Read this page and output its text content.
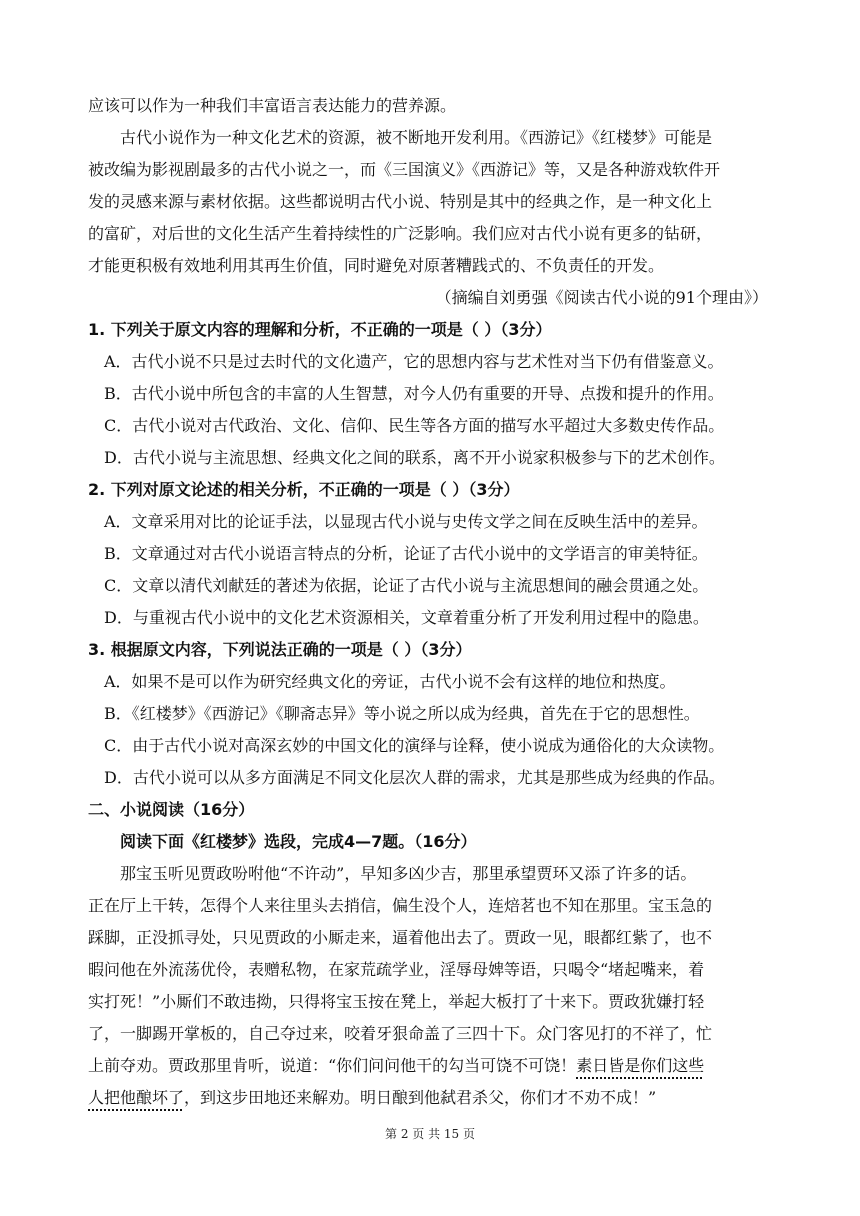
应该可以作为一种我们丰富语言表达能力的营养源。
古代小说作为一种文化艺术的资源，被不断地开发利用。《西游记》《红楼梦》可能是
被改编为影视剧最多的古代小说之一，而《三国演义》《西游记》等，又是各种游戏软件开
发的灵感来源与素材依据。这些都说明古代小说、特别是其中的经典之作，是一种文化上
的富矿，对后世的文化生活产生着持续性的广泛影响。我们应对古代小说有更多的钻研，
才能更积极有效地利用其再生价值，同时避免对原著糟践式的、不负责任的开发。
（摘编自刘勇强《阅读古代小说的91个理由》）
1. 下列关于原文内容的理解和分析，不正确的一项是（ ）（3分）
A．古代小说不只是过去时代的文化遗产，它的思想内容与艺术性对当下仍有借鉴意义。
B．古代小说中所包含的丰富的人生智慧，对今人仍有重要的开导、点拨和提升的作用。
C．古代小说对古代政治、文化、信仰、民生等各方面的描写水平超过大多数史传作品。
D．古代小说与主流思想、经典文化之间的联系，离不开小说家积极参与下的艺术创作。
2. 下列对原文论述的相关分析，不正确的一项是（ ）（3分）
A．文章采用对比的论证手法，以显现古代小说与史传文学之间在反映生活中的差异。
B．文章通过对古代小说语言特点的分析，论证了古代小说中的文学语言的审美特征。
C．文章以清代刘献廷的著述为依据，论证了古代小说与主流思想间的融会贯通之处。
D．与重视古代小说中的文化艺术资源相关，文章着重分析了开发利用过程中的隐患。
3. 根据原文内容，下列说法正确的一项是（ ）（3分）
A．如果不是可以作为研究经典文化的旁证，古代小说不会有这样的地位和热度。
B．《红楼梦》《西游记》《聊斋志异》等小说之所以成为经典，首先在于它的思想性。
C．由于古代小说对高深玄妙的中国文化的演绎与诠释，使小说成为通俗化的大众读物。
D．古代小说可以从多方面满足不同文化层次人群的需求，尤其是那些成为经典的作品。
二、小说阅读（16分）
阅读下面《红楼梦》选段，完成4—7题。（16分）
那宝玉听见贾政吩咐他“不许动”，早知多凶少吉，那里承望贾环又添了许多的话。
正在厅上干转，怎得个人来往里头去捎信，偏生没个人，连焙茗也不知在那里。宝玉急的
踩脚，正没抓寻处，只见贾政的小厮走来，逼着他出去了。贾政一见，眼都红紫了，也不
暇问他在外流荡优伶，表赠私物，在家荒疏学业，淫辱母婢等语，只喝令“堵起嘴来，着
实打死！”小厮们不敢违拗，只得将宝玉按在凳上，举起大板打了十来下。贾政犹嫌打轻
了，一脚踢开掌板的，自己夺过来，咬着牙狠命盖了三四十下。众门客见打的不祥了，忙
上前夺劝。贾政那里肯听，说道：“你们问问他干的勾当可饶不可饶！素日皆是你们这些
人把他酿坏了，到这步田地还来解劝。明日酿到他弑君杀父，你们才不劝不成！”
第 2 页 共 15 页
